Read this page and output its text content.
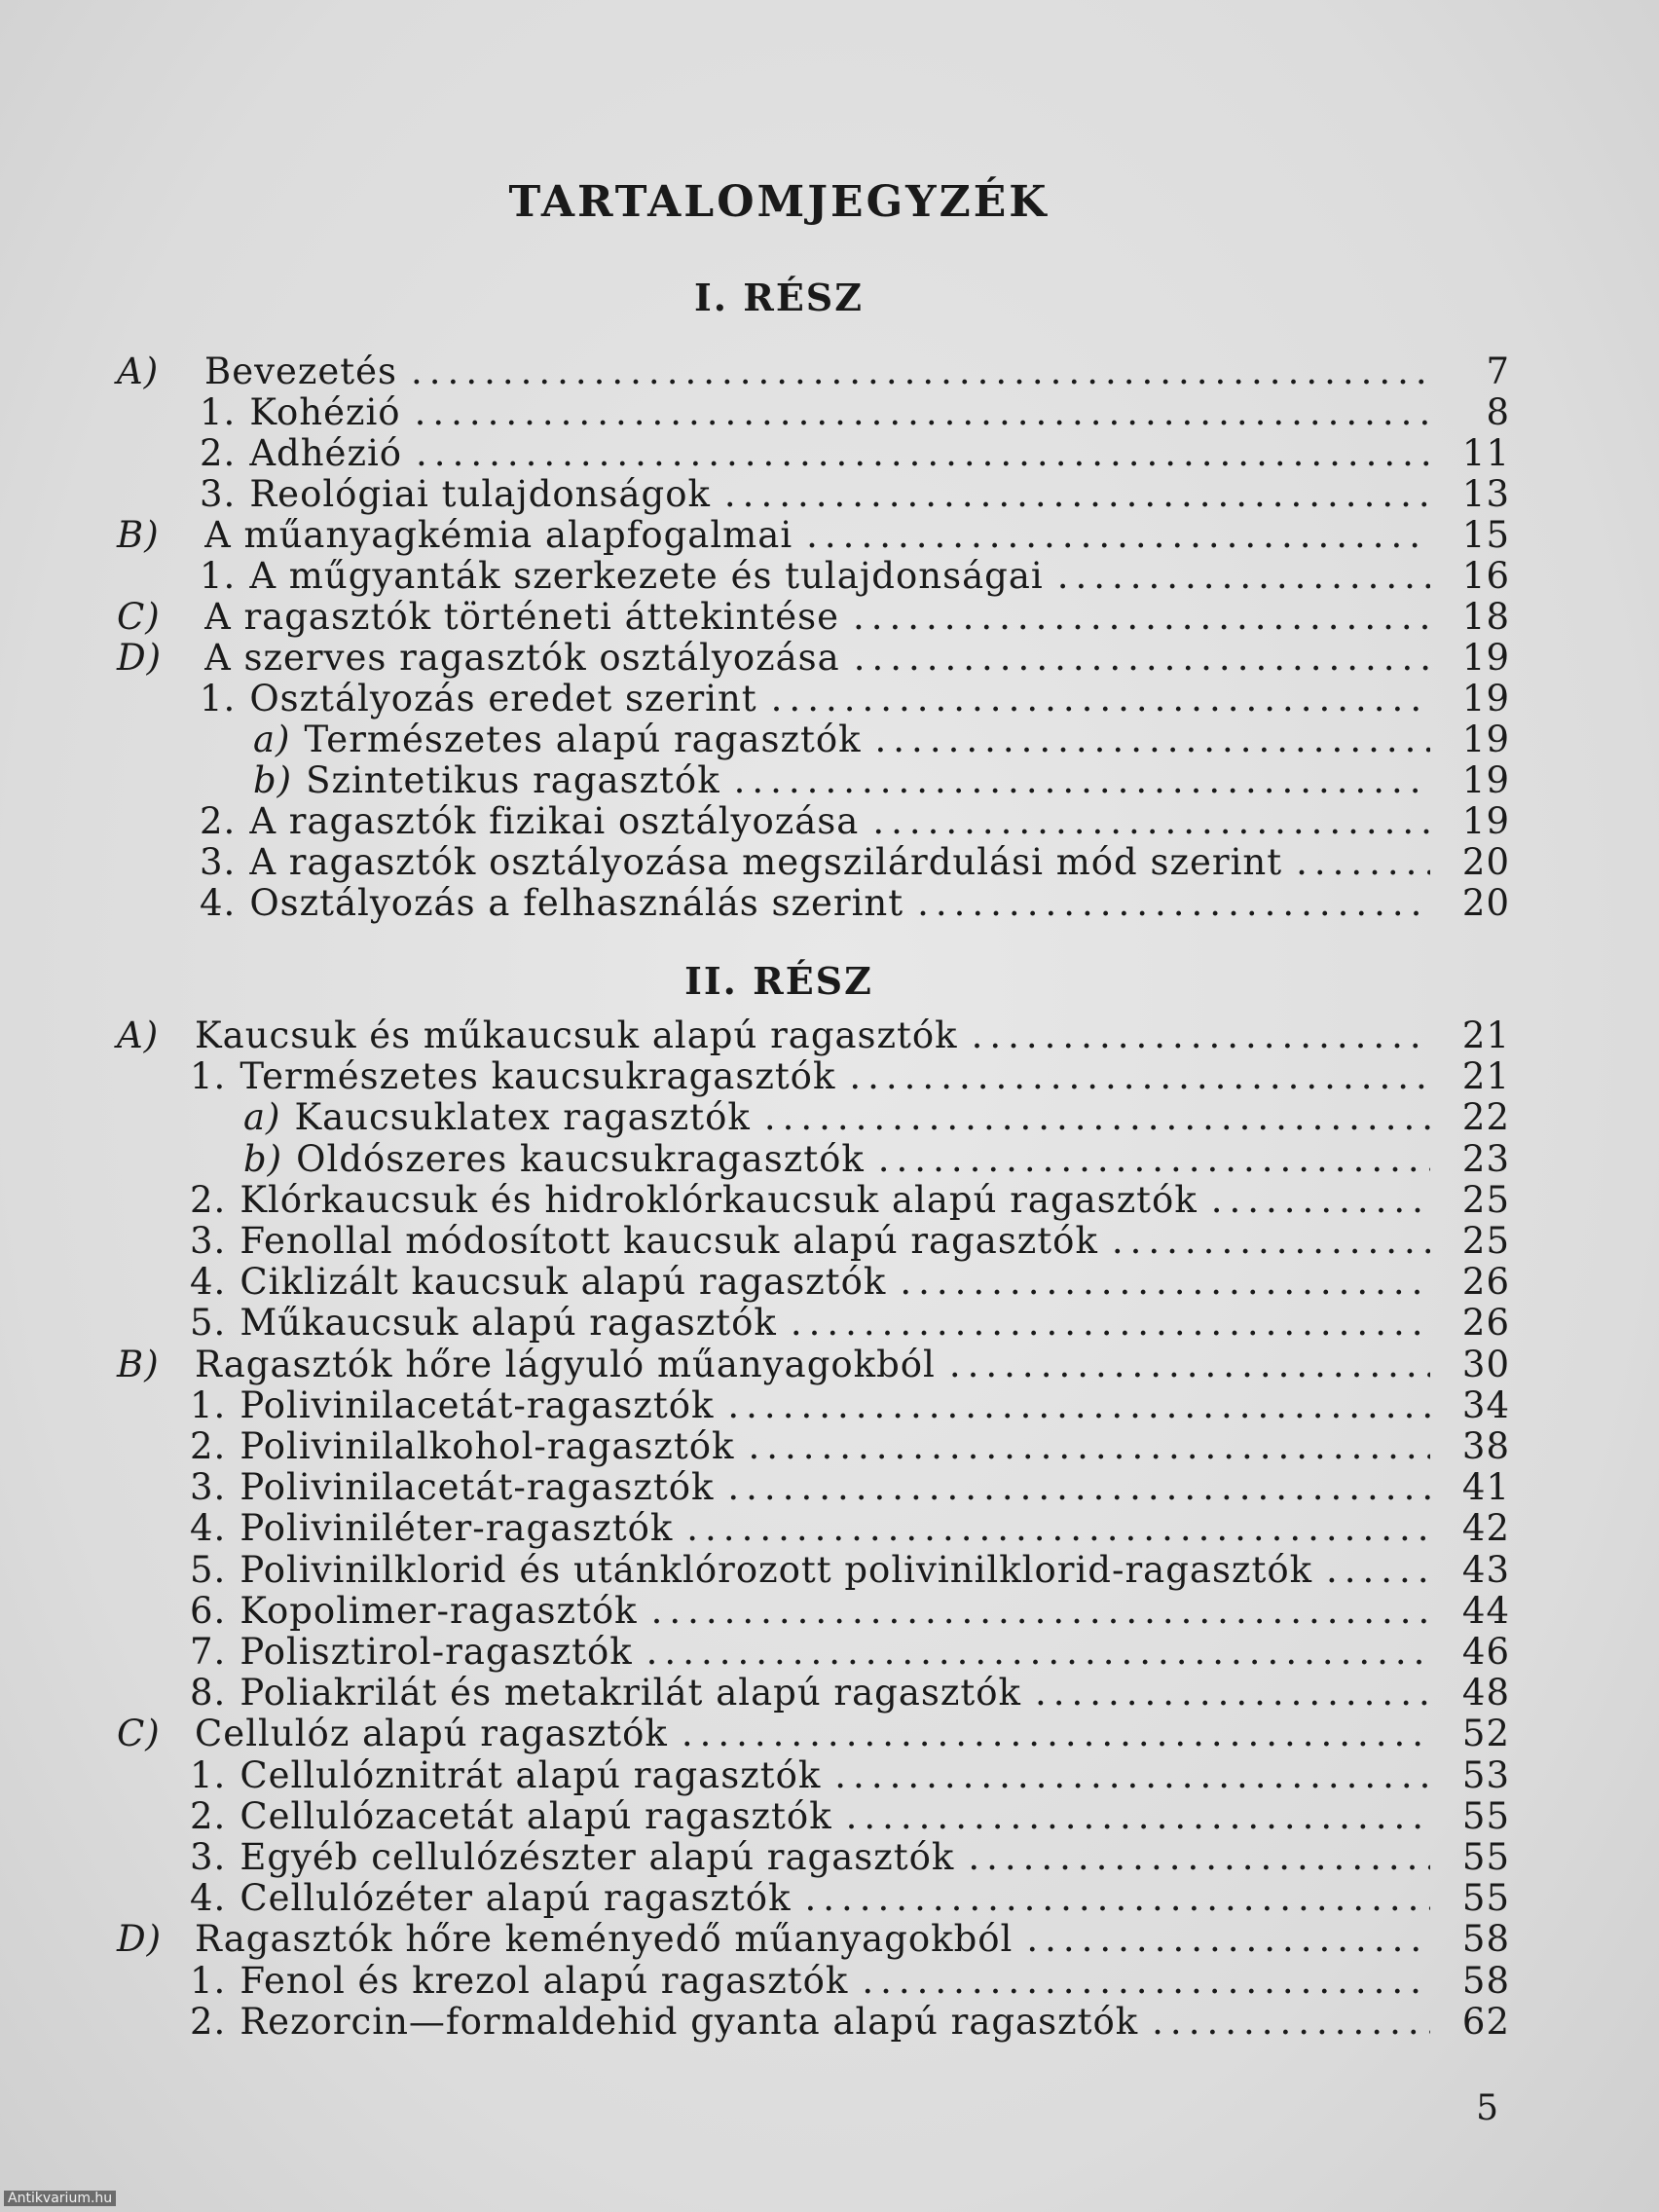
TARTALOMJEGYZÉK
I. RÉSZ
A) Bevezetés .....	7
1. Kohézió .....	8
2. Adhézió .....	11
3. Reológiai tulajdonságok .....	13
B) A műanyagkémia alapfogalmai .....	15
1. A műgyanták szerkezete és tulajdonságai .....	16
C) A ragasztók történeti áttekintése .....	18
D) A szerves ragasztók osztályozása .....	19
1. Osztályozás eredet szerint .....	19
a) Természetes alapú ragasztók .....	19
b) Szintetikus ragasztók .....	19
2. A ragasztók fizikai osztályozása .....	19
3. A ragasztók osztályozása megszilárdulási mód szerint .....	20
4. Osztályozás a felhasználás szerint .....	20
II. RÉSZ
A) Kaucsuk és műkaucsuk alapú ragasztók .....	21
1. Természetes kaucsukragasztók .....	21
a) Kaucsuklatex ragasztók .....	22
b) Oldószeres kaucsukragasztók .....	23
2. Klórkaucsuk és hidroklórkaucsuk alapú ragasztók .....	25
3. Fenollal módosított kaucsuk alapú ragasztók .....	25
4. Ciklizált kaucsuk alapú ragasztók .....	26
5. Műkaucsuk alapú ragasztók .....	26
B) Ragasztók hőre lágyuló műanyagokból .....	30
1. Polivinilacetát-ragasztók .....	34
2. Polivinilalkohol-ragasztók .....	38
3. Polivinilacetát-ragasztók .....	41
4. Poliviniléter-ragasztók .....	42
5. Polivinilklorid és utánklórozott polivinilklorid-ragasztók .....	43
6. Kopolimer-ragasztók .....	44
7. Polisztirol-ragasztók .....	46
8. Poliakrilát és metakrilát alapú ragasztók .....	48
C) Cellulóz alapú ragasztók .....	52
1. Cellulóznitrát alapú ragasztók .....	53
2. Cellulózacetát alapú ragasztók .....	55
3. Egyéb cellulózészter alapú ragasztók .....	55
4. Cellulózéter alapú ragasztók .....	55
D) Ragasztók hőre keményedő műanyagokból .....	58
1. Fenol és krezol alapú ragasztók .....	58
2. Rezorcin—formaldehid gyanta alapú ragasztók .....	62
5
Antikvarium.hu
